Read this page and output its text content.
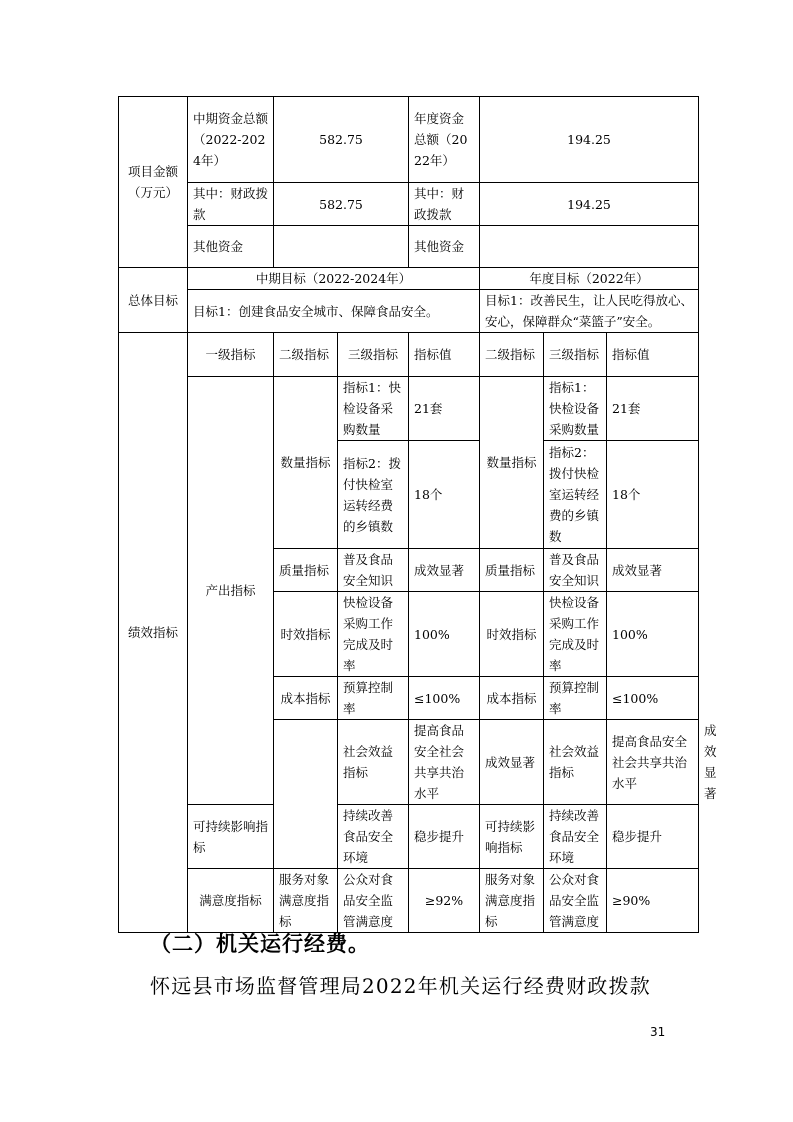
项目金额（万元）	中期资金总额（2022-2024年）	582.75		年度资金总额（2022年）	194.25			
	其中：财政拨款	582.75		其中：财政拨款	194.25			
	其他资金			其他资金				
总体目标	中期目标（2022-2024年）				年度目标（2022年）			
	目标1：创建食品安全城市、保障食品安全。				目标1：改善民生，让人民吃得放心、安心，保障群众“菜篮子”安全。			
绩效指标	一级指标	二级指标	三级指标	指标值	二级指标	三级指标	指标值	
	产出指标	数量指标	指标1：快检设备采购数量	21套	数量指标	指标1：快检设备采购数量	21套	
			指标2：拨付快检室运转经费的乡镇数	18个		指标2：拨付快检室运转经费的乡镇数	18个	
		质量指标	普及食品安全知识	成效显著	质量指标	普及食品安全知识	成效显著	
		时效指标	快检设备采购工作完成及时率	100%	时效指标	快检设备采购工作完成及时率	100%	
		成本指标	预算控制率	≤100%	成本指标	预算控制率	≤100%	
			社会效益指标	提高食品安全社会共享共治水平	成效显著	社会效益指标	提高食品安全社会共享共治水平	成效显著
	可持续影响指标		持续改善食品安全环境	稳步提升	可持续影响指标	持续改善食品安全环境	稳步提升	
	满意度指标	服务对象满意度指标	公众对食品安全监管满意度	≥92%	服务对象满意度指标	公众对食品安全监管满意度	≥90%	
（二）机关运行经费。
怀远县市场监督管理局2022年机关运行经费财政拨款
31
